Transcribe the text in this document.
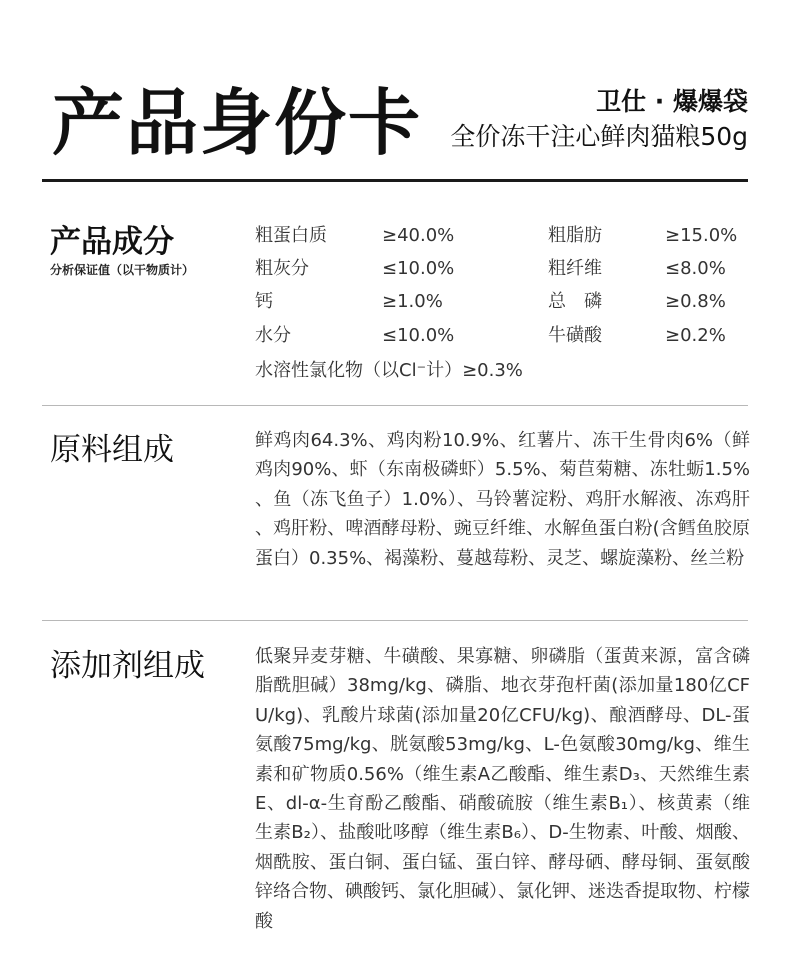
产品身份卡	卫仕 · 爆爆袋
全价冻干注心鲜肉猫粮50g
产品成分
分析保证值（以干物质计）
粗蛋白质	≥40.0%	粗脂肪	≥15.0%
粗灰分	≤10.0%	粗纤维	≤8.0%
钙	≥1.0%	总　磷	≥0.8%
水分	≤10.0%	牛磺酸	≥0.2%
水溶性氯化物（以Cl⁻计）≥0.3%
原料组成	鲜鸡肉64.3%、鸡肉粉10.9%、红薯片、冻干生骨肉6%（鲜鸡肉90%、虾（东南极磷虾）5.5%、菊苣菊糖、冻牡蛎1.5%、鱼（冻飞鱼子）1.0%）、马铃薯淀粉、鸡肝水解液、冻鸡肝、鸡肝粉、啤酒酵母粉、豌豆纤维、水解鱼蛋白粉(含鳕鱼胶原蛋白）0.35%、褐藻粉、蔓越莓粉、灵芝、螺旋藻粉、丝兰粉
添加剂组成	低聚异麦芽糖、牛磺酸、果寡糖、卵磷脂（蛋黄来源，富含磷脂酰胆碱）38mg/kg、磷脂、地衣芽孢杆菌(添加量180亿CFU/kg)、乳酸片球菌(添加量20亿CFU/kg)、酿酒酵母、DL-蛋氨酸75mg/kg、胱氨酸53mg/kg、L-色氨酸30mg/kg、维生素和矿物质0.56%（维生素A乙酸酯、维生素D₃、天然维生素E、dl-α-生育酚乙酸酯、硝酸硫胺（维生素B₁）、核黄素（维生素B₂）、盐酸吡哆醇（维生素B₆）、D-生物素、叶酸、烟酸、烟酰胺、蛋白铜、蛋白锰、蛋白锌、酵母硒、酵母铜、蛋氨酸锌络合物、碘酸钙、氯化胆碱）、氯化钾、迷迭香提取物、柠檬酸
